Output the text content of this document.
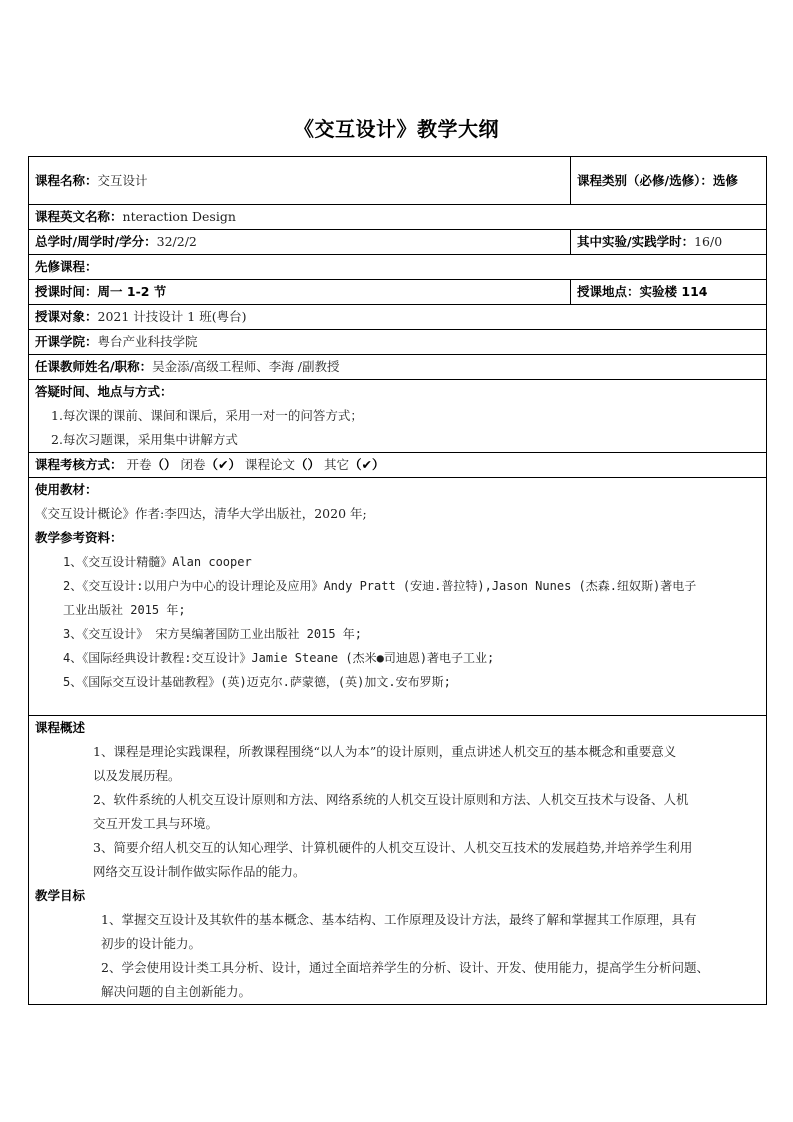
《交互设计》教学大纲
课程名称：交互设计	课程类别（必修/选修）：选修
课程英文名称：nteraction Design	
总学时/周学时/学分：32/2/2	其中实验/实践学时：16/0
先修课程：	
授课时间：周一 1-2 节	授课地点：实验楼 114
授课对象：2021 计技设计 1 班(粤台)	
开课学院：粤台产业科技学院	
任课教师姓名/职称：吴金添/高级工程师、李海 /副教授	

答疑时间、地点与方式：
1.每次课的课前、课间和课后，采用一对一的问答方式；
2.每次习题课，采用集中讲解方式	

课程考核方式： 开卷（） 闭卷（✔） 课程论文（） 其它（✔）	

使用教材：
《交互设计概论》作者:李四达，清华大学出版社，2020 年;
教学参考资料：
1、《交互设计精髓》Alan cooper
2、《交互设计:以用户为中心的设计理论及应用》Andy Pratt (安迪.普拉特),Jason Nunes (杰森.纽奴斯)著电子
工业出版社 2015 年;
3、《交互设计》 宋方昊编著国防工业出版社 2015 年;
4、《国际经典设计教程:交互设计》Jamie Steane (杰米●司迪恩)著电子工业;
5、《国际交互设计基础教程》(英)迈克尔.萨蒙德，(英)加文.安布罗斯;

课程概述
1、课程是理论实践课程，所教课程围绕“以人为本”的设计原则，重点讲述人机交互的基本概念和重要意义
以及发展历程。
2、软件系统的人机交互设计原则和方法、网络系统的人机交互设计原则和方法、人机交互技术与设备、人机
交互开发工具与环境。
3、简要介绍人机交互的认知心理学、计算机硬件的人机交互设计、人机交互技术的发展趋势,并培养学生利用
网络交互设计制作做实际作品的能力。
教学目标
1、掌握交互设计及其软件的基本概念、基本结构、工作原理及设计方法，最终了解和掌握其工作原理，具有
初步的设计能力。
2、学会使用设计类工具分析、设计，通过全面培养学生的分析、设计、开发、使用能力，提高学生分析问题、
解决问题的自主创新能力。
